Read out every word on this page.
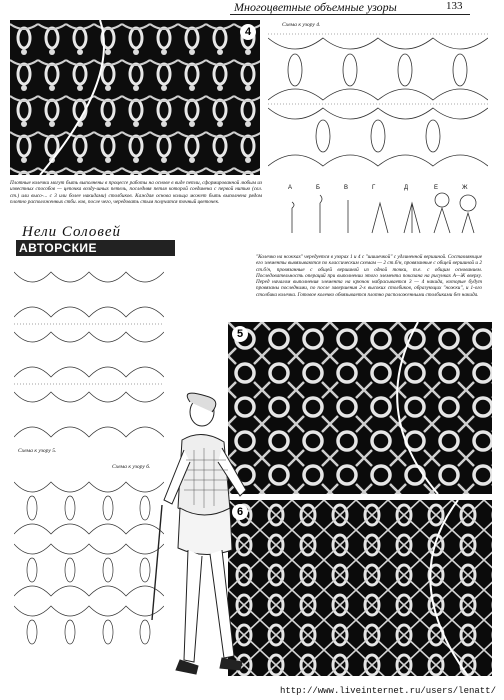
Многоцветные объемные узоры	133
4
Схема к узору 4.
А	Б	В	Г	Д	Е	Ж
Плотные колечки могут быть выполнены в процессе работы на основе в виде петли, сформированной любым из известных способов — цепочка возду-шных петель, последняя петля которой соединена с первой нитью (свл. ст.) или высо-... с 3 или более накидами) столбиков. Каждая основа кольца может быть выполнена рядом плотно расположенных стби. ков, после чего, чередовать стым получатся точный цветочек.
Нели Соловей
АВТОРСКИЕ РАЗРАБОТКИ	"Колечко на ножках" чередуется в узорах 1 и 4 с "шишечкой" с удлиненной вершиной. Составляющие его элементы вывязываются по классическим схемам — 2 ст.б/н, провязанные с общей вершиной и 2 ст.б/н, провязанные с общей вершиной из одной точки, т.е. с общим основанием. Последовательность операций при выполнении этого элемента показана на рисунках А—Ж вверху. Перед началом выполнения элемента на крючок набрасывается 3 — 4 накида, которые будут провязаны последними, по после завершения 2-х высоких столбиков, образующих "ножки", и 1-ого столбика колечка. Готовое колечко обвязывается плотно расположенными столбиками без накида.
Схема к узору 5.
Схема к узору 6.
5
6
http://www.liveinternet.ru/users/lenatt/
